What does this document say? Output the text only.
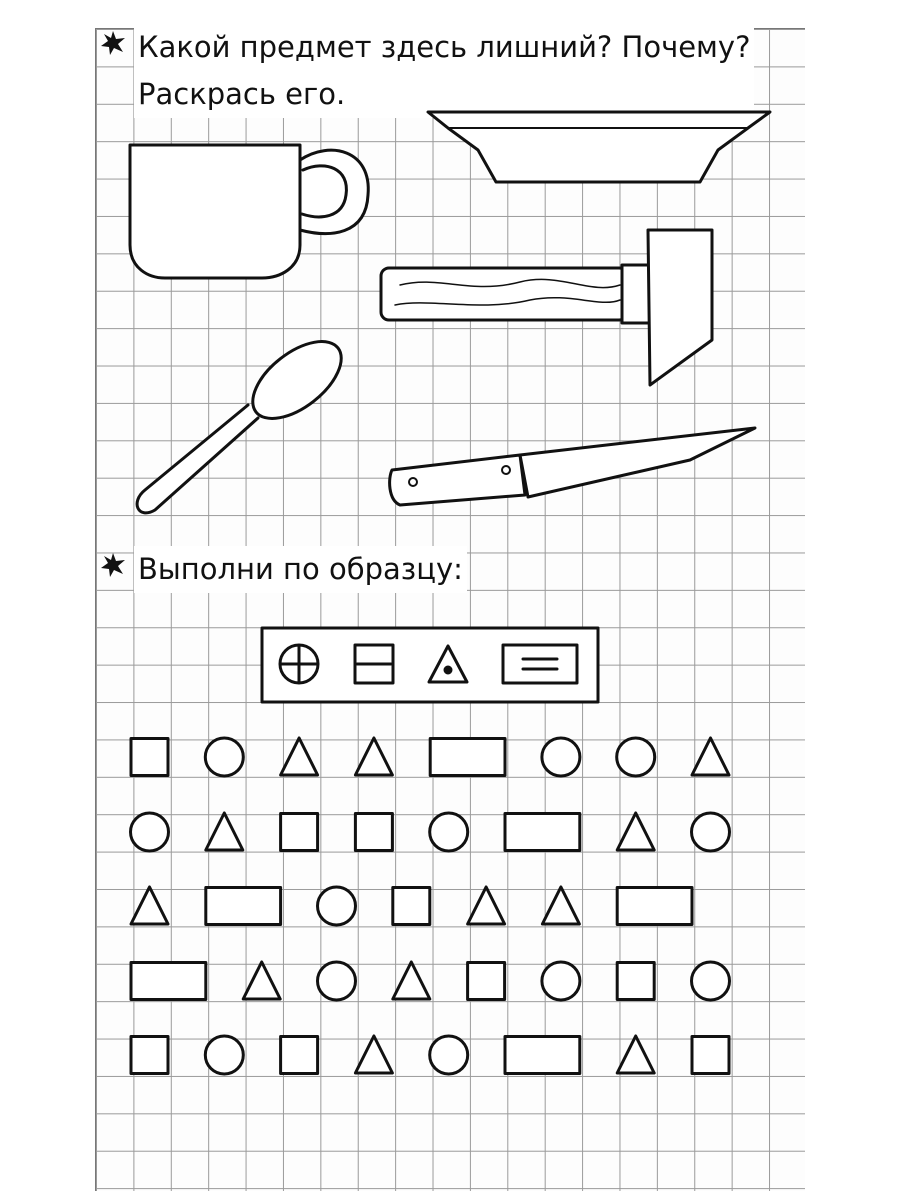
Какой предмет здесь лишний? Почему?
Раскрась его.
Выполни по образцу:
